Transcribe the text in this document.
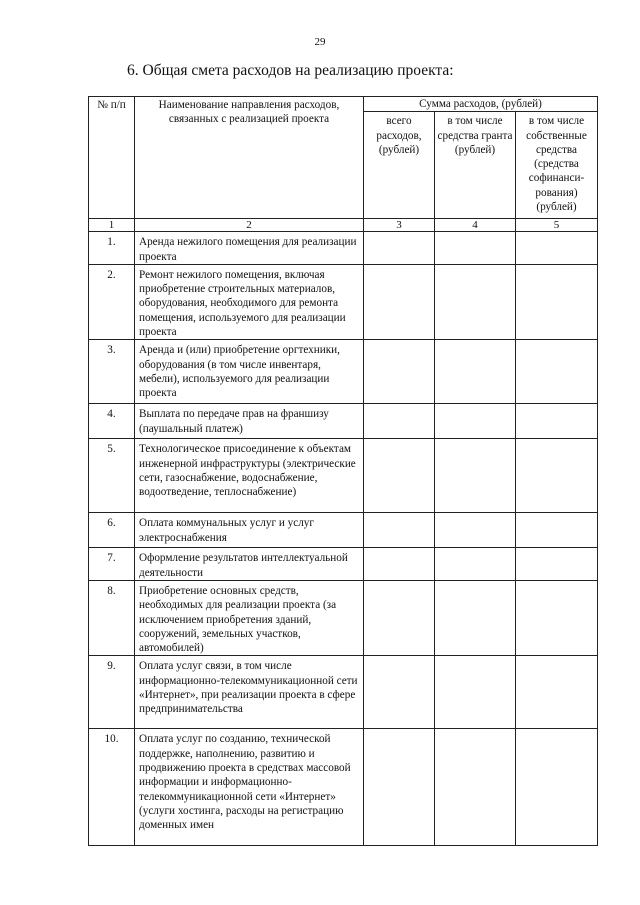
29
6. Общая смета расходов на реализацию проекта:
№ п/п	Наименование направления расходов, связанных с реализацией проекта	Сумма расходов, (рублей)		
		всего расходов, (рублей)	в том числе средства гранта (рублей)	в том числе собственные средства (средства софинанси-рования) (рублей)
1	2	3	4	5
1.	Аренда нежилого помещения для реализации проекта			
2.	Ремонт нежилого помещения, включая приобретение строительных материалов, оборудования, необходимого для ремонта помещения, используемого для реализации проекта			
3.	Аренда и (или) приобретение оргтехники, оборудования (в том числе инвентаря, мебели), используемого для реализации проекта			
4.	Выплата по передаче прав на франшизу (паушальный платеж)			
5.	Технологическое присоединение к объектам инженерной инфраструктуры (электрические сети, газоснабжение, водоснабжение, водоотведение, теплоснабжение)			
6.	Оплата коммунальных услуг и услуг электроснабжения			
7.	Оформление результатов интеллектуальной деятельности			
8.	Приобретение основных средств, необходимых для реализации проекта (за исключением приобретения зданий, сооружений, земельных участков, автомобилей)			
9.	Оплата услуг связи, в том числе информационно-телекоммуникационной сети «Интернет», при реализации проекта в сфере предпринимательства			
10.	Оплата услуг по созданию, технической поддержке, наполнению, развитию и продвижению проекта в средствах массовой информации и информационно-телекоммуникационной сети «Интернет» (услуги хостинга, расходы на регистрацию доменных имен			
